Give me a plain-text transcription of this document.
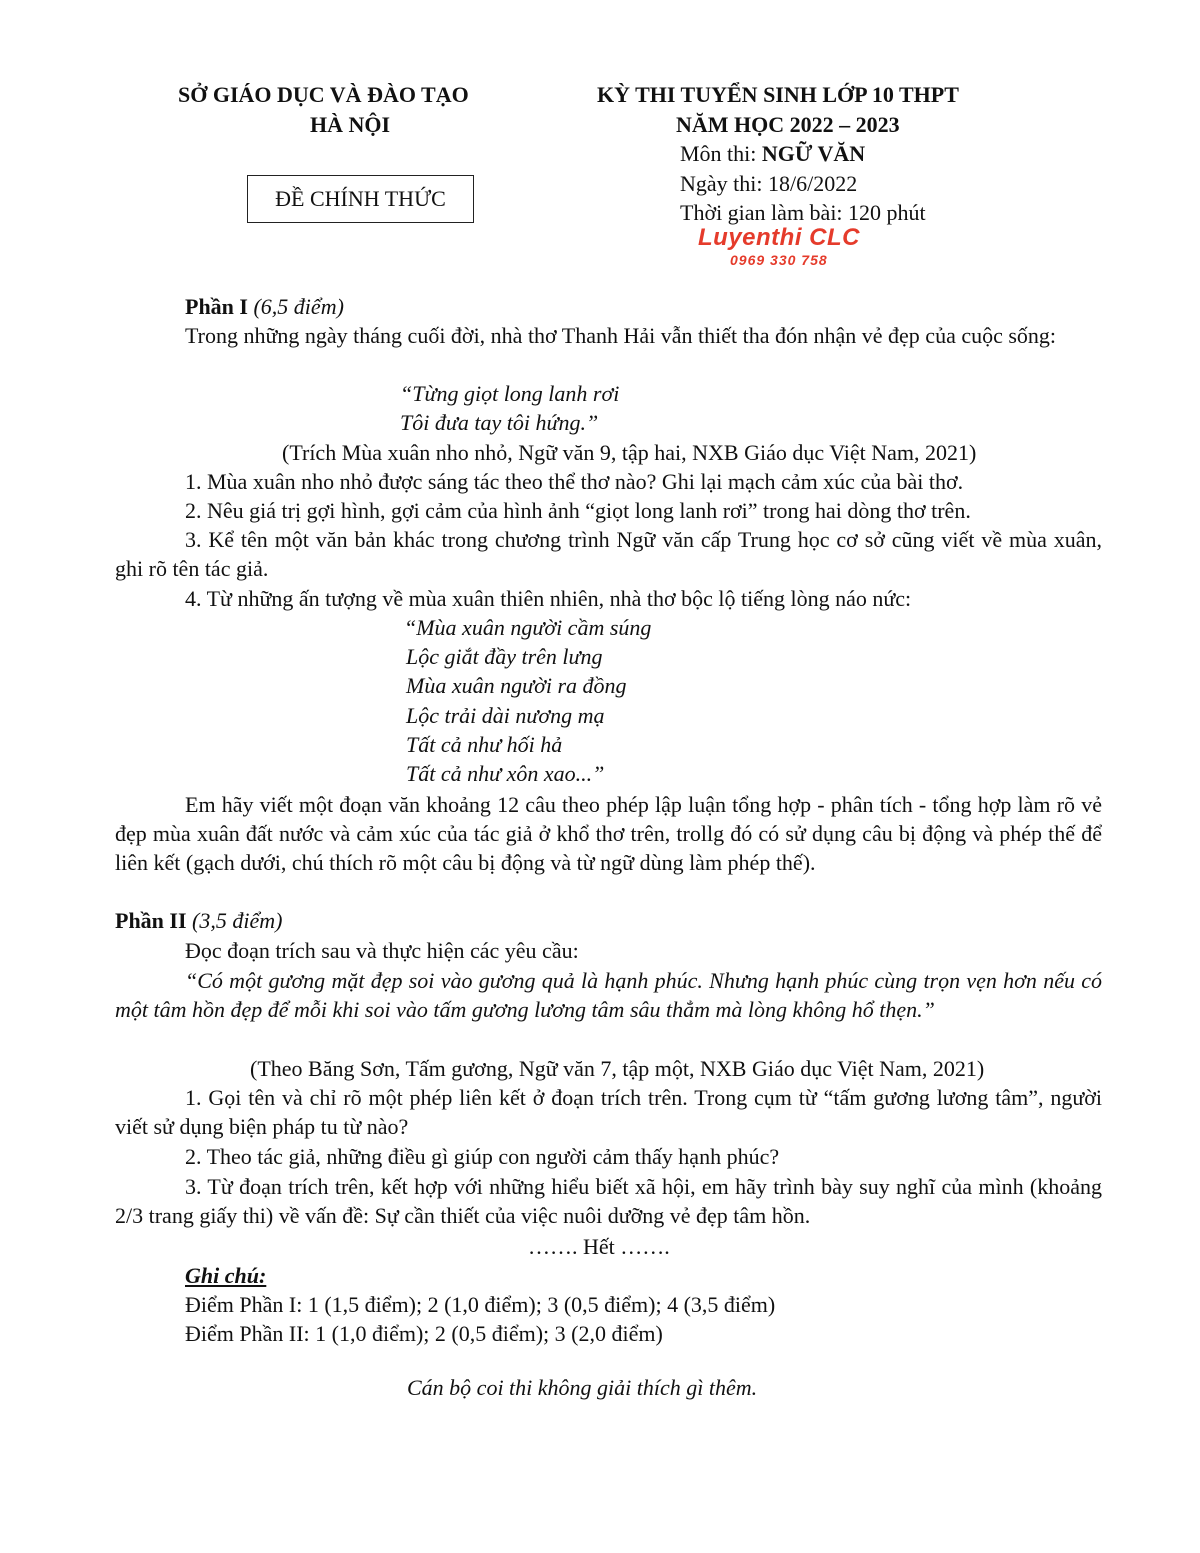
SỞ GIÁO DỤC VÀ ĐÀO TẠO
HÀ NỘI
ĐỀ CHÍNH THỨC
KỲ THI TUYỂN SINH LỚP 10 THPT
NĂM HỌC 2022 – 2023
Môn thi: NGỮ VĂN
Ngày thi: 18/6/2022
Thời gian làm bài: 120 phút
Luyenthi CLC
0969 330 758
Phần I (6,5 điểm)
Trong những ngày tháng cuối đời, nhà thơ Thanh Hải vẫn thiết tha đón nhận vẻ đẹp của cuộc sống:
“Từng giọt long lanh rơi
Tôi đưa tay tôi hứng.”
(Trích Mùa xuân nho nhỏ, Ngữ văn 9, tập hai, NXB Giáo dục Việt Nam, 2021)
1. Mùa xuân nho nhỏ được sáng tác theo thể thơ nào? Ghi lại mạch cảm xúc của bài thơ.
2. Nêu giá trị gợi hình, gợi cảm của hình ảnh “giọt long lanh rơi” trong hai dòng thơ trên.
3. Kể tên một văn bản khác trong chương trình Ngữ văn cấp Trung học cơ sở cũng viết về mùa xuân, ghi rõ tên tác giả.
4. Từ những ấn tượng về mùa xuân thiên nhiên, nhà thơ bộc lộ tiếng lòng náo nức:
“Mùa xuân người cầm súng
Lộc giắt đầy trên lưng
Mùa xuân người ra đồng
Lộc trải dài nương mạ
Tất cả như hối hả
Tất cả như xôn xao...”
Em hãy viết một đoạn văn khoảng 12 câu theo phép lập luận tổng hợp - phân tích - tổng hợp làm rõ vẻ đẹp mùa xuân đất nước và cảm xúc của tác giả ở khổ thơ trên, trollg đó có sử dụng câu bị động và phép thế để liên kết (gạch dưới, chú thích rõ một câu bị động và từ ngữ dùng làm phép thế).
Phần II (3,5 điểm)
Đọc đoạn trích sau và thực hiện các yêu cầu:
“Có một gương mặt đẹp soi vào gương quả là hạnh phúc. Nhưng hạnh phúc cùng trọn vẹn hơn nếu có một tâm hồn đẹp để mỗi khi soi vào tấm gương lương tâm sâu thẳm mà lòng không hổ thẹn.”
(Theo Băng Sơn, Tấm gương, Ngữ văn 7, tập một, NXB Giáo dục Việt Nam, 2021)
1. Gọi tên và chỉ rõ một phép liên kết ở đoạn trích trên. Trong cụm từ “tấm gương lương tâm”, người viết sử dụng biện pháp tu từ nào?
2. Theo tác giả, những điều gì giúp con người cảm thấy hạnh phúc?
3. Từ đoạn trích trên, kết hợp với những hiểu biết xã hội, em hãy trình bày suy nghĩ của mình (khoảng 2/3 trang giấy thi) về vấn đề: Sự cần thiết của việc nuôi dưỡng vẻ đẹp tâm hồn.
……. Hết …….
Ghi chú:
Điểm Phần I: 1 (1,5 điểm); 2 (1,0 điểm); 3 (0,5 điểm); 4 (3,5 điểm)
Điểm Phần II: 1 (1,0 điểm); 2 (0,5 điểm); 3 (2,0 điểm)
Cán bộ coi thi không giải thích gì thêm.
